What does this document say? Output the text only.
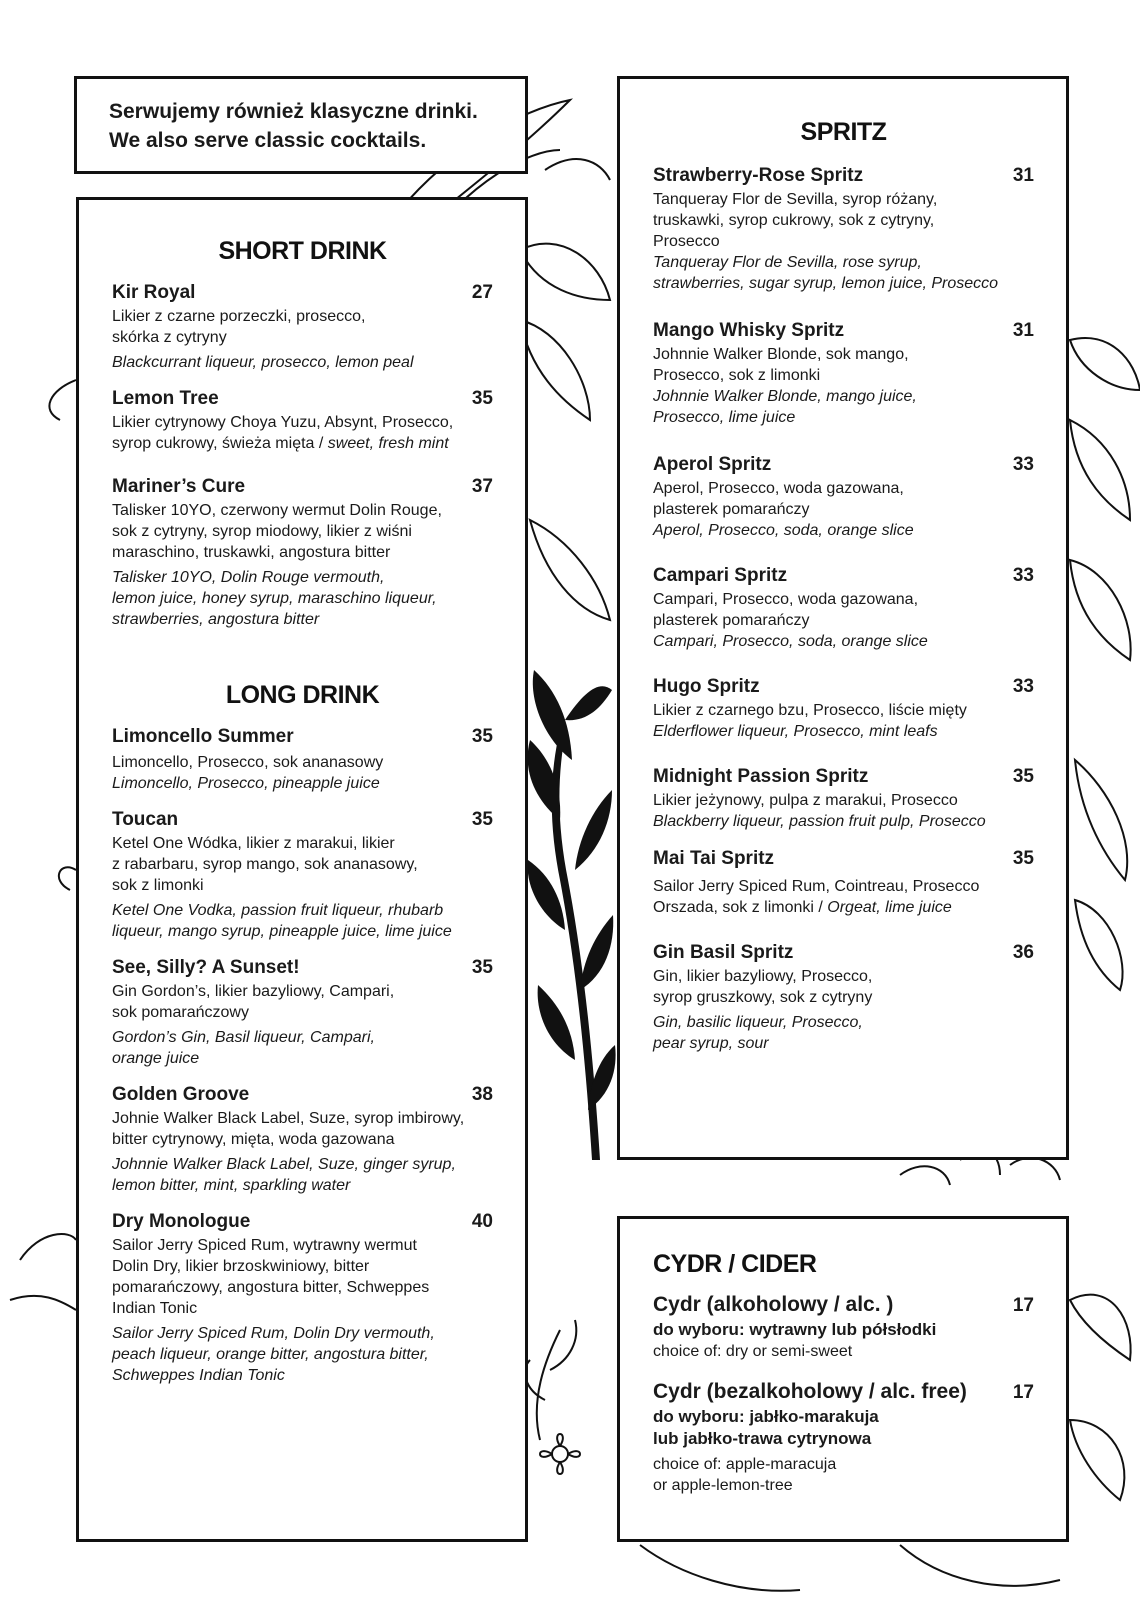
Serwujemy również klasyczne drinki.

We also serve classic cocktails.

SHORT DRINK
Kir Royal	27
Likier z czarne porzeczki, prosecco,
skórka z cytryny
Blackcurrant liqueur, prosecco, lemon peal
Lemon Tree	35
Likier cytrynowy Choya Yuzu, Absynt, Prosecco,
syrop cukrowy, świeża mięta / sweet, fresh mint
Mariner’s Cure	37
Talisker 10YO, czerwony wermut Dolin Rouge,
sok z cytryny, syrop miodowy, likier z wiśni
maraschino, truskawki, angostura bitter
Talisker 10YO, Dolin Rouge vermouth,
lemon juice, honey syrup, maraschino liqueur,
strawberries, angostura bitter
LONG DRINK
Limoncello Summer	35
Limoncello, Prosecco, sok ananasowy
Limoncello, Prosecco, pineapple juice
Toucan	35
Ketel One Wódka, likier z marakui, likier
z rabarbaru, syrop mango, sok ananasowy,
sok z limonki
Ketel One Vodka, passion fruit liqueur, rhubarb
liqueur, mango syrup, pineapple juice, lime juice
See, Silly? A Sunset!	35
Gin Gordon’s, likier bazyliowy, Campari,
sok pomarańczowy
Gordon’s Gin, Basil liqueur, Campari,
orange juice
Golden Groove	38
Johnie Walker Black Label, Suze, syrop imbirowy,
bitter cytrynowy, mięta, woda gazowana
Johnnie Walker Black Label, Suze, ginger syrup,
lemon bitter, mint, sparkling water
Dry Monologue	40
Sailor Jerry Spiced Rum, wytrawny wermut
Dolin Dry, likier brzoskwiniowy, bitter
pomarańczowy, angostura bitter, Schweppes
Indian Tonic
Sailor Jerry Spiced Rum, Dolin Dry vermouth,
peach liqueur, orange bitter, angostura bitter,
Schweppes Indian Tonic
SPRITZ
Strawberry-Rose Spritz	31
Tanqueray Flor de Sevilla, syrop różany,
truskawki, syrop cukrowy, sok z cytryny,
Prosecco
Tanqueray Flor de Sevilla, rose syrup,
strawberries, sugar syrup, lemon juice, Prosecco
Mango Whisky Spritz	31
Johnnie Walker Blonde, sok mango,
Prosecco, sok z limonki
Johnnie Walker Blonde, mango juice,
Prosecco, lime juice
Aperol Spritz	33
Aperol, Prosecco, woda gazowana,
plasterek pomarańczy
Aperol, Prosecco, soda, orange slice
Campari Spritz	33
Campari, Prosecco, woda gazowana,
plasterek pomarańczy
Campari, Prosecco, soda, orange slice
Hugo Spritz	33
Likier z czarnego bzu, Prosecco, liście mięty
Elderflower liqueur, Prosecco, mint leafs
Midnight Passion Spritz	35
Likier jeżynowy, pulpa z marakui, Prosecco
Blackberry liqueur, passion fruit pulp, Prosecco
Mai Tai Spritz	35
Sailor Jerry Spiced Rum, Cointreau, Prosecco
Orszada, sok z limonki / Orgeat, lime juice
Gin Basil Spritz	36
Gin, likier bazyliowy, Prosecco,
syrop gruszkowy, sok z cytryny
Gin, basilic liqueur, Prosecco,
pear syrup, sour
CYDR / CIDER
Cydr (alkoholowy / alc. )	17
do wyboru: wytrawny lub półsłodki
choice of: dry or semi-sweet
Cydr (bezalkoholowy / alc. free) 17
do wyboru: jabłko-marakuja
lub jabłko-trawa cytrynowa
choice of: apple-maracuja
or apple-lemon-tree
